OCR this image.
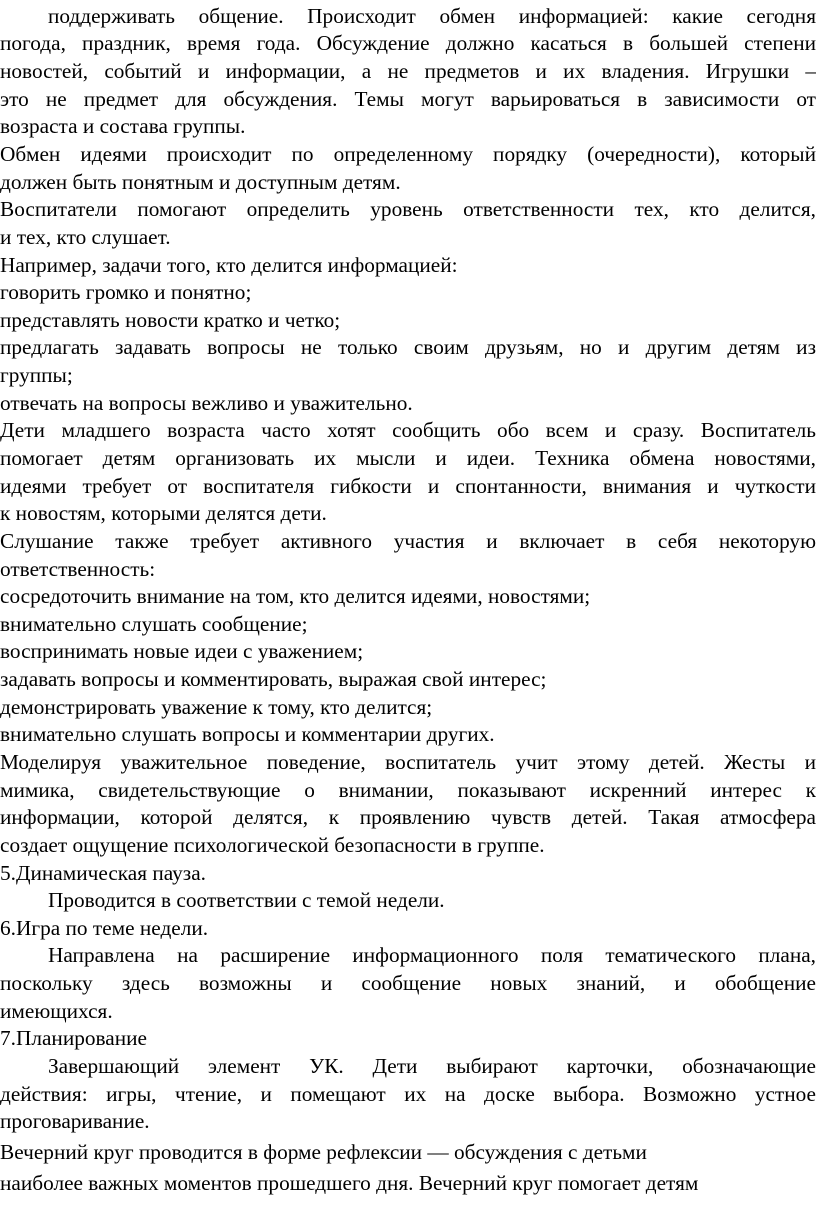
поддерживать общение. Происходит обмен информацией: какие сегодня
погода, праздник, время года. Обсуждение должно касаться в большей степени
новостей, событий и информации, а не предметов и их владения. Игрушки –
это не предмет для обсуждения. Темы могут варьироваться в зависимости от
возраста и состава группы.
Обмен идеями происходит по определенному порядку (очередности), который
должен быть понятным и доступным детям.
Воспитатели помогают определить уровень ответственности тех, кто делится,
и тех, кто слушает.
Например, задачи того, кто делится информацией:
говорить громко и понятно;
представлять новости кратко и четко;
предлагать задавать вопросы не только своим друзьям, но и другим детям из
группы;
отвечать на вопросы вежливо и уважительно.
Дети младшего возраста часто хотят сообщить обо всем и сразу. Воспитатель
помогает детям организовать их мысли и идеи. Техника обмена новостями,
идеями требует от воспитателя гибкости и спонтанности, внимания и чуткости
к новостям, которыми делятся дети.
Слушание также требует активного участия и включает в себя некоторую
ответственность:
сосредоточить внимание на том, кто делится идеями, новостями;
внимательно слушать сообщение;
воспринимать новые идеи с уважением;
задавать вопросы и комментировать, выражая свой интерес;
демонстрировать уважение к тому, кто делится;
внимательно слушать вопросы и комментарии других.
Моделируя уважительное поведение, воспитатель учит этому детей. Жесты и
мимика, свидетельствующие о внимании, показывают искренний интерес к
информации, которой делятся, к проявлению чувств детей. Такая атмосфера
создает ощущение психологической безопасности в группе.
5.Динамическая пауза.
Проводится в соответствии с темой недели.
6.Игра по теме недели.
Направлена на расширение информационного поля тематического плана,
поскольку здесь возможны и сообщение новых знаний, и обобщение
имеющихся.
7.Планирование
Завершающий элемент УК. Дети выбирают карточки, обозначающие
действия: игры, чтение, и помещают их на доске выбора. Возможно устное
проговаривание.
Вечерний круг проводится в форме рефлексии — обсуждения с детьми
наиболее важных моментов прошедшего дня. Вечерний круг помогает детям
